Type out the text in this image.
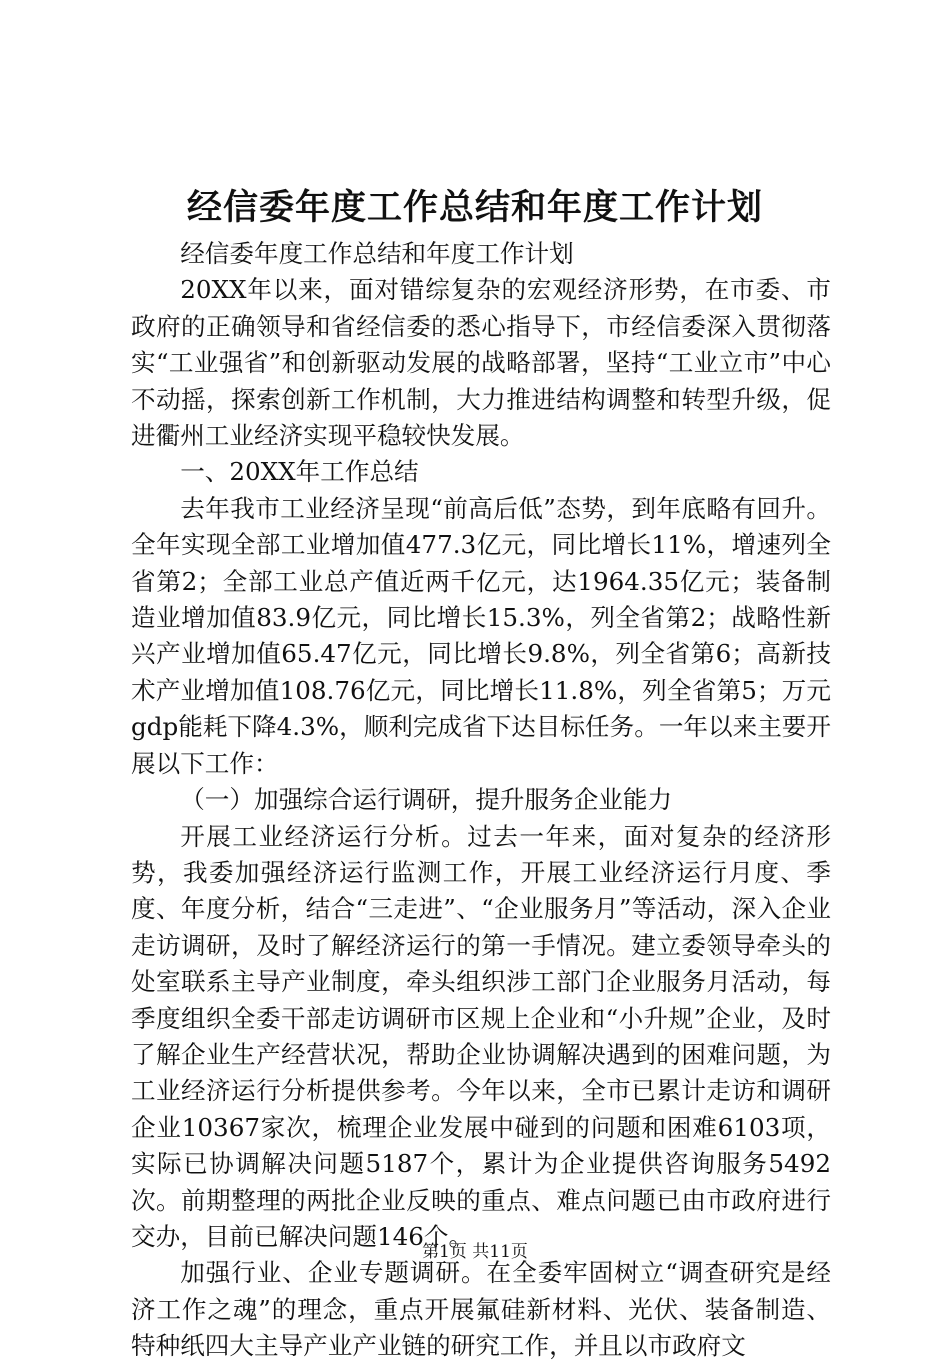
经信委年度工作总结和年度工作计划

经信委年度工作总结和年度工作计划

20XX年以来，面对错综复杂的宏观经济形势，在市委、市政府的正确领导和省经信委的悉心指导下，市经信委深入贯彻落实“工业强省”和创新驱动发展的战略部署，坚持“工业立市”中心不动摇，探索创新工作机制，大力推进结构调整和转型升级，促进衢州工业经济实现平稳较快发展。

一、20XX年工作总结

去年我市工业经济呈现“前高后低”态势，到年底略有回升。全年实现全部工业增加值477.3亿元，同比增长11%，增速列全省第2；全部工业总产值近两千亿元，达1964.35亿元；装备制造业增加值83.9亿元，同比增长15.3%，列全省第2；战略性新兴产业增加值65.47亿元，同比增长9.8%，列全省第6；高新技术产业增加值108.76亿元，同比增长11.8%，列全省第5；万元gdp能耗下降4.3%，顺利完成省下达目标任务。一年以来主要开展以下工作：

（一）加强综合运行调研，提升服务企业能力

开展工业经济运行分析。过去一年来，面对复杂的经济形势，我委加强经济运行监测工作，开展工业经济运行月度、季度、年度分析，结合“三走进”、“企业服务月”等活动，深入企业走访调研，及时了解经济运行的第一手情况。建立委领导牵头的处室联系主导产业制度，牵头组织涉工部门企业服务月活动，每季度组织全委干部走访调研市区规上企业和“小升规”企业，及时了解企业生产经营状况，帮助企业协调解决遇到的困难问题，为工业经济运行分析提供参考。今年以来，全市已累计走访和调研企业10367家次，梳理企业发展中碰到的问题和困难6103项，实际已协调解决问题5187个，累计为企业提供咨询服务5492次。前期整理的两批企业反映的重点、难点问题已由市政府进行交办，目前已解决问题146个。

加强行业、企业专题调研。在全委牢固树立“调查研究是经济工作之魂”的理念，重点开展氟硅新材料、光伏、装备制造、特种纸四大主导产业产业链的研究工作，并且以市政府文

第1页 共11页
